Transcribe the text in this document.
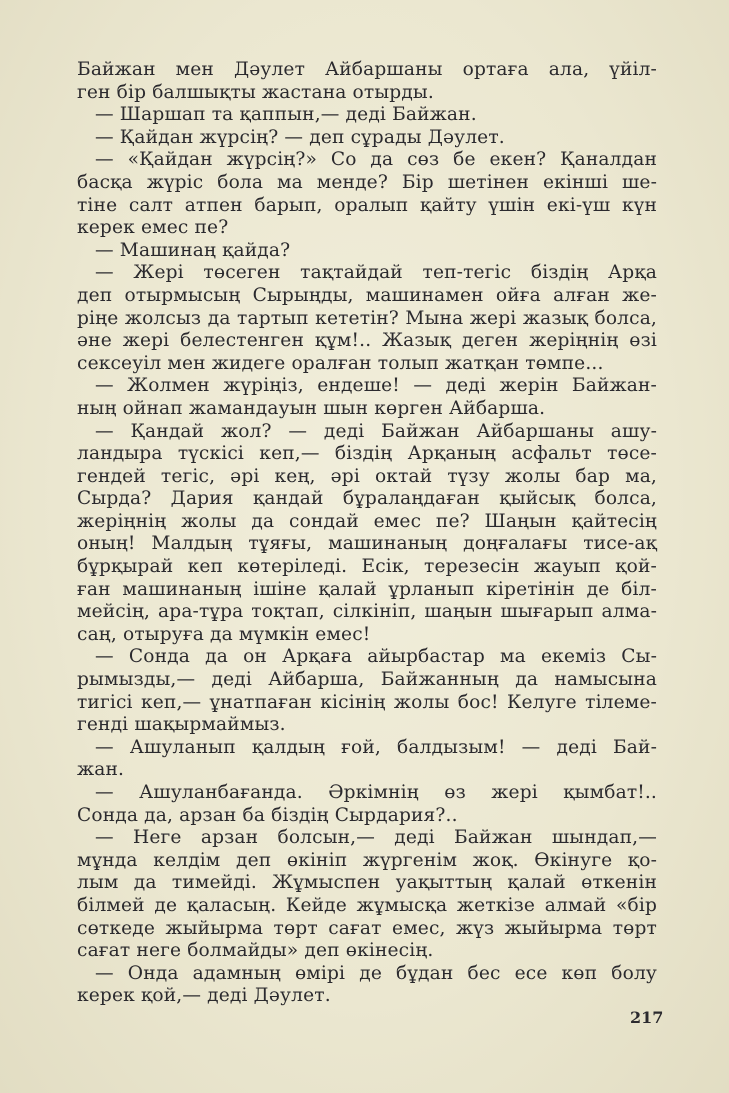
Байжан мен Дәулет Айбаршаны ортаға ала, үйіл-
ген бір балшықты жастана отырды.
— Шаршап та қаппын,— деді Байжан.
— Қайдан жүрсің? — деп сұрады Дәулет.
— «Қайдан жүрсің?» Со да сөз бе екен? Қаналдан
басқа жүріс бола ма менде? Бір шетінен екінші ше-
тіне салт атпен барып, оралып қайту үшін екі-үш күн
керек емес пе?
— Машинаң қайда?
— Жері төсеген тақтайдай теп-тегіс біздің Арқа
деп отырмысың Сырыңды, машинамен ойға алған же-
ріңе жолсыз да тартып кететін? Мына жері жазық болса,
әне жері белестенген құм!.. Жазық деген жеріңнің өзі
сексеуіл мен жидеге оралған толып жатқан төмпе...
— Жолмен жүріңіз, ендеше! — деді жерін Байжан-
ның ойнап жамандауын шын көрген Айбарша.
— Қандай жол? — деді Байжан Айбаршаны ашу-
ландыра түскісі кеп,— біздің Арқаның асфальт төсе-
гендей тегіс, әрі кең, әрі октай түзу жолы бар ма,
Сырда? Дария қандай бұралаңдаған қыйсық болса,
жеріңнің жолы да сондай емес пе? Шаңын қайтесің
оның! Малдың тұяғы, машинаның доңғалағы тисе-ақ
бұрқырай кеп көтеріледі. Есік, терезесін жауып қой-
ған машинаның ішіне қалай ұрланып кіретінін де біл-
мейсің, ара-тұра тоқтап, сілкініп, шаңын шығарып алма-
саң, отыруға да мүмкін емес!
— Сонда да он Арқаға айырбастар ма екеміз Сы-
рымызды,— деді Айбарша, Байжанның да намысына
тигісі кеп,— ұнатпаған кісінің жолы бос! Келуге тілеме-
генді шақырмаймыз.
— Ашуланып қалдың ғой, балдызым! — деді Бай-
жан.
— Ашуланбағанда. Әркімнің өз жері қымбат!..
Сонда да, арзан ба біздің Сырдария?..
— Неге арзан болсын,— деді Байжан шындап,—
мұнда келдім деп өкініп жүргенім жоқ. Өкінуге қо-
лым да тимейді. Жұмыспен уақыттың қалай өткенін
білмей де қаласың. Кейде жұмысқа жеткізе алмай «бір
сөткеде жыйырма төрт сағат емес, жүз жыйырма төрт
сағат неге болмайды» деп өкінесің.
— Онда адамның өмірі де бұдан бес есе көп болу
керек қой,— деді Дәулет.
217
